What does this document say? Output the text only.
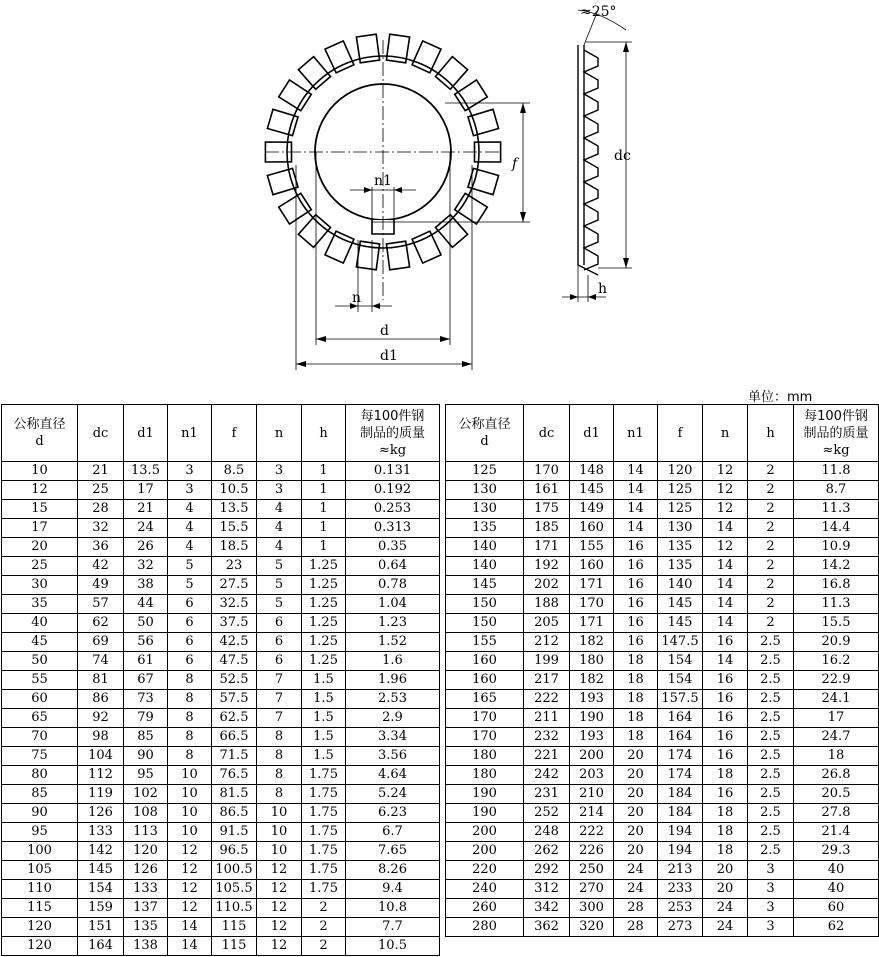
≈25°
dc
f
n1
n
d
d1
h
单位：mm
公称直径
d	dc	d1	n1	f	n	h	每100件钢
制品的质量
≈kg
10	21	13.5	3	8.5	3	1	0.131
12	25	17	3	10.5	3	1	0.192
15	28	21	4	13.5	4	1	0.253
17	32	24	4	15.5	4	1	0.313
20	36	26	4	18.5	4	1	0.35
25	42	32	5	23	5	1.25	0.64
30	49	38	5	27.5	5	1.25	0.78
35	57	44	6	32.5	5	1.25	1.04
40	62	50	6	37.5	6	1.25	1.23
45	69	56	6	42.5	6	1.25	1.52
50	74	61	6	47.5	6	1.25	1.6
55	81	67	8	52.5	7	1.5	1.96
60	86	73	8	57.5	7	1.5	2.53
65	92	79	8	62.5	7	1.5	2.9
70	98	85	8	66.5	8	1.5	3.34
75	104	90	8	71.5	8	1.5	3.56
80	112	95	10	76.5	8	1.75	4.64
85	119	102	10	81.5	8	1.75	5.24
90	126	108	10	86.5	10	1.75	6.23
95	133	113	10	91.5	10	1.75	6.7
100	142	120	12	96.5	10	1.75	7.65
105	145	126	12	100.5	12	1.75	8.26
110	154	133	12	105.5	12	1.75	9.4
115	159	137	12	110.5	12	2	10.8
120	151	135	14	115	12	2	7.7
120	164	138	14	115	12	2	10.5
公称直径
d	dc	d1	n1	f	n	h	每100件钢
制品的质量
≈kg
125	170	148	14	120	12	2	11.8
130	161	145	14	125	12	2	8.7
130	175	149	14	125	12	2	11.3
135	185	160	14	130	14	2	14.4
140	171	155	16	135	12	2	10.9
140	192	160	16	135	14	2	14.2
145	202	171	16	140	14	2	16.8
150	188	170	16	145	14	2	11.3
150	205	171	16	145	14	2	15.5
155	212	182	16	147.5	16	2.5	20.9
160	199	180	18	154	14	2.5	16.2
160	217	182	18	154	16	2.5	22.9
165	222	193	18	157.5	16	2.5	24.1
170	211	190	18	164	16	2.5	17
170	232	193	18	164	16	2.5	24.7
180	221	200	20	174	16	2.5	18
180	242	203	20	174	18	2.5	26.8
190	231	210	20	184	16	2.5	20.5
190	252	214	20	184	18	2.5	27.8
200	248	222	20	194	18	2.5	21.4
200	262	226	20	194	18	2.5	29.3
220	292	250	24	213	20	3	40
240	312	270	24	233	20	3	40
260	342	300	28	253	24	3	60
280	362	320	28	273	24	3	62
